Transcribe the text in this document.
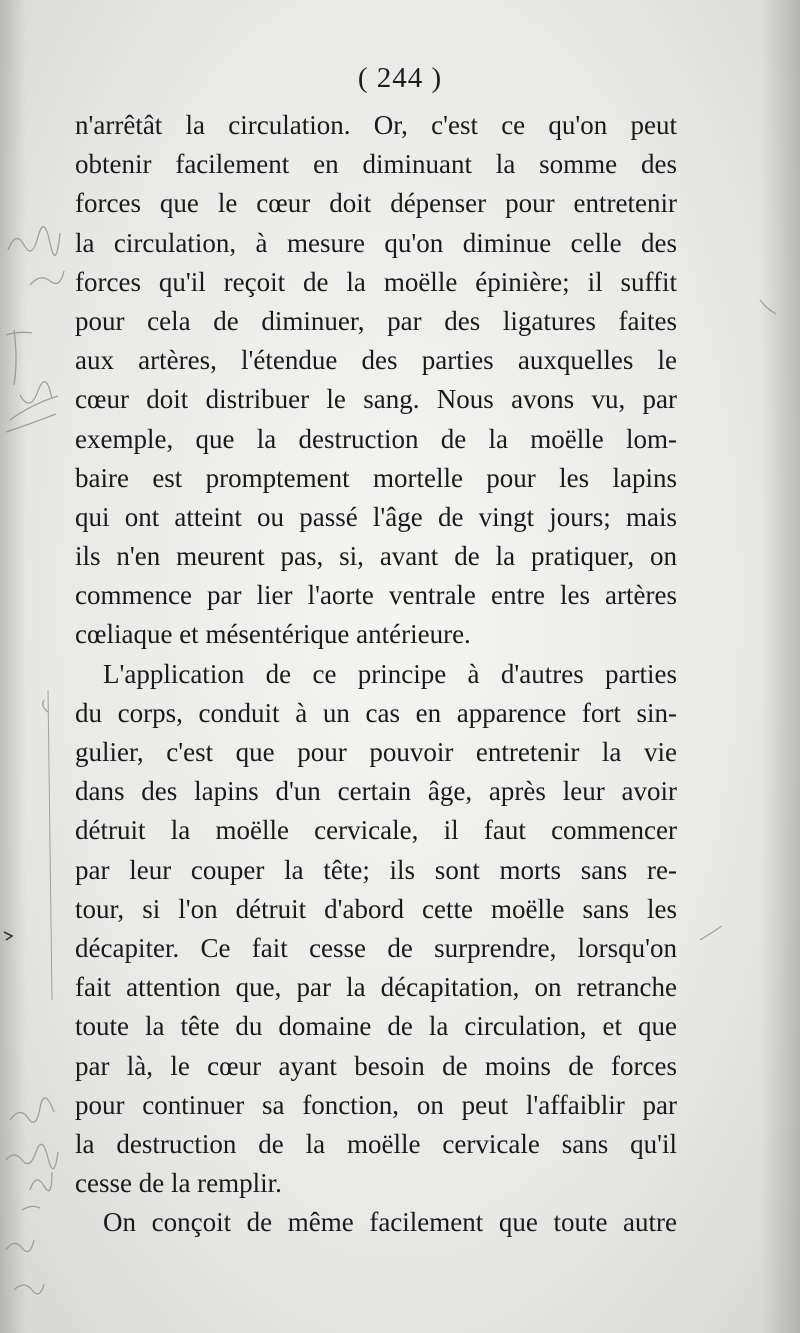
( 244 )
n'arrêtât la circulation. Or, c'est ce qu'on peut
obtenir facilement en diminuant la somme des
forces que le cœur doit dépenser pour entretenir
la circulation, à mesure qu'on diminue celle des
forces qu'il reçoit de la moëlle épinière; il suffit
pour cela de diminuer, par des ligatures faites
aux artères, l'étendue des parties auxquelles le
cœur doit distribuer le sang. Nous avons vu, par
exemple, que la destruction de la moëlle lom-
baire est promptement mortelle pour les lapins
qui ont atteint ou passé l'âge de vingt jours; mais
ils n'en meurent pas, si, avant de la pratiquer, on
commence par lier l'aorte ventrale entre les artères
cœliaque et mésentérique antérieure.
L'application de ce principe à d'autres parties
du corps, conduit à un cas en apparence fort sin-
gulier, c'est que pour pouvoir entretenir la vie
dans des lapins d'un certain âge, après leur avoir
détruit la moëlle cervicale, il faut commencer
par leur couper la tête; ils sont morts sans re-
tour, si l'on détruit d'abord cette moëlle sans les
décapiter. Ce fait cesse de surprendre, lorsqu'on
fait attention que, par la décapitation, on retranche
toute la tête du domaine de la circulation, et que
par là, le cœur ayant besoin de moins de forces
pour continuer sa fonction, on peut l'affaiblir par
la destruction de la moëlle cervicale sans qu'il
cesse de la remplir.
On conçoit de même facilement que toute autre
